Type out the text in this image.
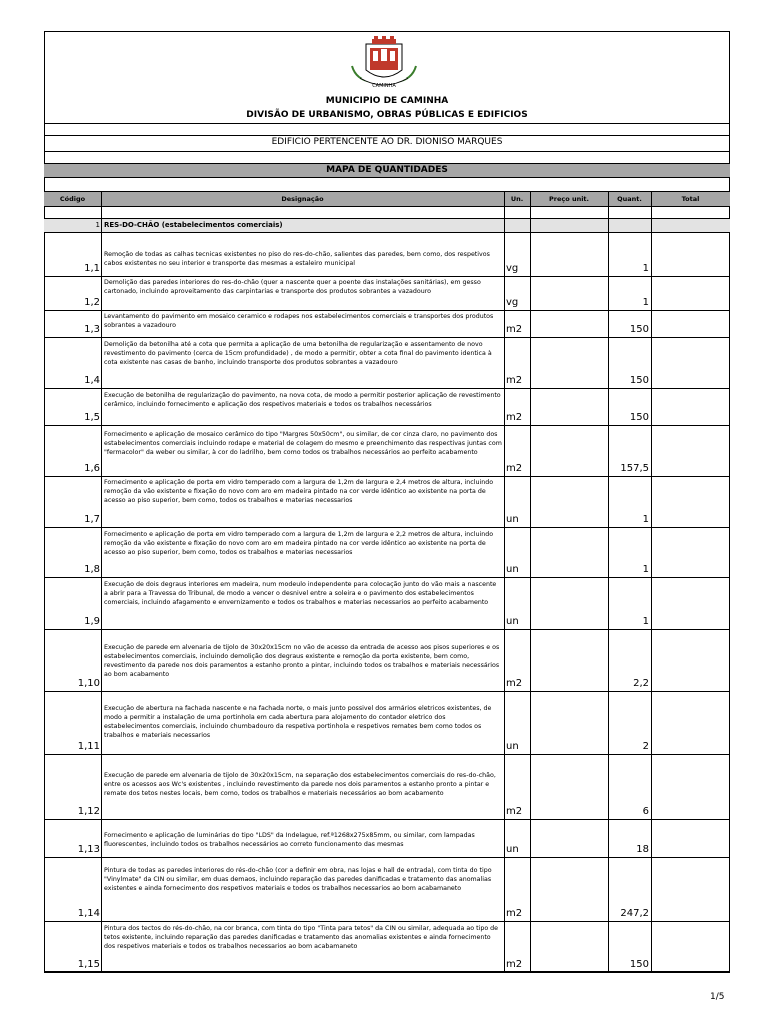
CAMINHA
MUNICIPIO DE CAMINHA
DIVISÃO DE URBANISMO, OBRAS PÚBLICAS E EDIFICIOS
EDIFICIO PERTENCENTE AO DR. DIONISO MARQUES
MAPA DE QUANTIDADES
Código	Designação	Un.	Preço unit.	Quant.	Total
1 RES-DO-CHÃO (estabelecimentos comerciais)
Remoção de todas as calhas tecnicas existentes no piso do res-do-chão, salientes das paredes, bem como, dos respetivos cabos existentes no seu interior e transporte das mesmas a estaleiro municipal
1,1	vg	1
Demolição das paredes interiores do res-do-chão (quer a nascente quer a poente das instalações sanitárias), em gesso cartonado, incluindo aproveitamento das carpintarias e transporte dos produtos sobrantes a vazadouro
1,2	vg	1
Levantamento do pavimento em mosaico ceramico e rodapes nos estabelecimentos comerciais e transportes dos produtos sobrantes a vazadouro
1,3	m2	150
Demolição da betonilha até a cota que permita a aplicação de uma betonilha de regularização e assentamento de novo revestimento do pavimento (cerca de 15cm profundidade) , de modo a permitir, obter a cota final do pavimento identica à cota existente nas casas de banho, incluindo transporte dos produtos sobrantes a vazadouro
1,4	m2	150
Execução de betonilha de regularização do pavimento, na nova cota, de modo a permitir posterior aplicação de revestimento cerâmico, incluindo fornecimento e aplicação dos respetivos materiais e todos os trabalhos necessários
1,5	m2	150
Fornecimento e aplicação de mosaico cerâmico do tipo "Margres 50x50cm", ou similar, de cor cinza claro, no pavimento dos estabelecimentos comerciais incluindo rodape e material de colagem do mesmo e preenchimento das respectivas juntas com "fermacolor" da weber ou similar, à cor do ladrilho, bem como todos os trabalhos necessários ao perfeito acabamento
1,6	m2	157,5
Fornecimento e aplicação de porta em vidro temperado com a largura de 1,2m de largura e 2,4 metros de altura, incluindo remoção da vão existente e fixação do novo com aro em madeira pintado na cor verde idêntico ao existente na porta de acesso ao piso superior, bem como, todos os trabalhos e materias necessarios
1,7	un	1
Fornecimento e aplicação de porta em vidro temperado com a largura de 1,2m de largura e 2,2 metros de altura, incluindo remoção da vão existente e fixação do novo com aro em madeira pintado na cor verde idêntico ao existente na porta de acesso ao piso superior, bem como, todos os trabalhos e materias necessarios
1,8	un	1
Execução de dois degraus interiores em madeira, num modeulo independente para colocação junto do vão mais a nascente a abrir para a Travessa do Tribunal, de modo a vencer o desnivel entre a soleira e o pavimento dos estabelecimentos comerciais, incluindo afagamento e envernizamento e todos os trabalhos e materias necessarios ao perfeito acabamento
1,9	un	1
Execução de parede em alvenaria de tijolo de 30x20x15cm no vão de acesso da entrada de acesso aos pisos superiores e os estabelecimentos comerciais, incluindo demolição dos degraus existente e remoção da porta existente, bem como, revestimento da parede nos dois paramentos a estanho pronto a pintar, incluindo todos os trabalhos e materiais necessários ao bom acabamento
1,10	m2	2,2
Execução de abertura na fachada nascente e na fachada norte, o mais junto possivel dos armários eletricos existentes, de modo a permitir a instalação de uma portinhola em cada abertura para alojamento do contador eletrico dos estabelecimentos comerciais, incluindo chumbadouro da respetiva portinhola e respetivos remates bem como todos os trabalhos e materiais necessarios
1,11	un	2
Execução de parede em alvenaria de tijolo de 30x20x15cm, na separação dos estabelecimentos comerciais do res-do-chão, entre os acessos aos Wc's existentes , incluindo revestimento da parede nos dois paramentos a estanho pronto a pintar e remate dos tetos nestes locais, bem como, todos os trabalhos e materiais necessários ao bom acabamento
1,12	m2	6
Fornecimento e aplicação de luminárias do tipo "LDS" da Indelague, ref.ª1268x275x85mm, ou similar, com lampadas fluorescentes, incluindo todos os trabalhos necessários ao correto funcionamento das mesmas
1,13	un	18
Pintura de todas as paredes interiores do rés-do-chão (cor a definir em obra, nas lojas e hall de entrada), com tinta do tipo "Vinylmate" da CIN ou similar, em duas demaos, incluindo reparação das paredes danificadas e tratamento das anomalias existentes e ainda fornecimento dos respetivos materiais e todos os trabalhos necessarios ao bom acabamaneto
1,14	m2	247,2
Pintura dos tectos do rés-do-chão, na cor branca, com tinta do tipo "Tinta para tetos" da CIN ou similar, adequada ao tipo de tetos existente, incluindo reparação das paredes danificadas e tratamento das anomalias existentes e ainda fornecimento dos respetivos materiais e todos os trabalhos necessarios ao bom acabamaneto
1,15	m2	150
1/5
